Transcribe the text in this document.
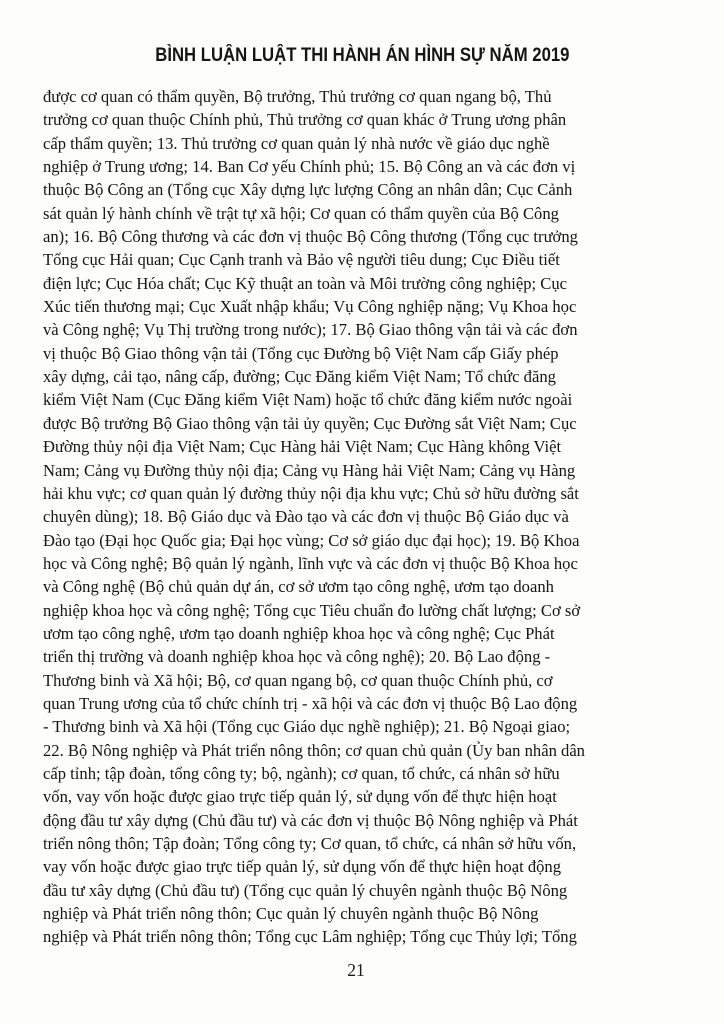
BÌNH LUẬN LUẬT THI HÀNH ÁN HÌNH SỰ NĂM 2019
được cơ quan có thẩm quyền, Bộ trưởng, Thủ trưởng cơ quan ngang bộ, Thủ
trưởng cơ quan thuộc Chính phủ, Thủ trưởng cơ quan khác ở Trung ương phân
cấp thẩm quyền; 13. Thủ trưởng cơ quan quản lý nhà nước về giáo dục nghề
nghiệp ở Trung ương; 14. Ban Cơ yếu Chính phủ; 15. Bộ Công an và các đơn vị
thuộc Bộ Công an (Tổng cục Xây dựng lực lượng Công an nhân dân; Cục Cảnh
sát quản lý hành chính về trật tự xã hội; Cơ quan có thẩm quyền của Bộ Công
an); 16. Bộ Công thương và các đơn vị thuộc Bộ Công thương (Tổng cục trưởng
Tổng cục Hải quan; Cục Cạnh tranh và Bảo vệ người tiêu dung; Cục Điều tiết
điện lực; Cục Hóa chất; Cục Kỹ thuật an toàn và Môi trường công nghiệp; Cục
Xúc tiến thương mại; Cục Xuất nhập khẩu; Vụ Công nghiệp nặng; Vụ Khoa học
và Công nghệ; Vụ Thị trường trong nước); 17. Bộ Giao thông vận tải và các đơn
vị thuộc Bộ Giao thông vận tải (Tổng cục Đường bộ Việt Nam cấp Giấy phép
xây dựng, cải tạo, nâng cấp, đường; Cục Đăng kiểm Việt Nam; Tổ chức đăng
kiểm Việt Nam (Cục Đăng kiểm Việt Nam) hoặc tổ chức đăng kiểm nước ngoài
được Bộ trưởng Bộ Giao thông vận tải ủy quyền; Cục Đường sắt Việt Nam; Cục
Đường thủy nội địa Việt Nam; Cục Hàng hải Việt Nam; Cục Hàng không Việt
Nam; Cảng vụ Đường thủy nội địa; Cảng vụ Hàng hải Việt Nam; Cảng vụ Hàng
hải khu vực; cơ quan quản lý đường thủy nội địa khu vực; Chủ sở hữu đường sắt
chuyên dùng); 18. Bộ Giáo dục và Đào tạo và các đơn vị thuộc Bộ Giáo dục và
Đào tạo (Đại học Quốc gia; Đại học vùng; Cơ sở giáo dục đại học); 19. Bộ Khoa
học và Công nghệ; Bộ quản lý ngành, lĩnh vực và các đơn vị thuộc Bộ Khoa học
và Công nghệ (Bộ chủ quản dự án, cơ sở ươm tạo công nghệ, ươm tạo doanh
nghiệp khoa học và công nghệ; Tổng cục Tiêu chuẩn đo lường chất lượng; Cơ sở
ươm tạo công nghệ, ươm tạo doanh nghiệp khoa học và công nghệ; Cục Phát
triển thị trường và doanh nghiệp khoa học và công nghệ); 20. Bộ Lao động -
Thương binh và Xã hội; Bộ, cơ quan ngang bộ, cơ quan thuộc Chính phủ, cơ
quan Trung ương của tổ chức chính trị - xã hội và các đơn vị thuộc Bộ Lao động
- Thương binh và Xã hội (Tổng cục Giáo dục nghề nghiệp); 21. Bộ Ngoại giao;
22. Bộ Nông nghiệp và Phát triển nông thôn; cơ quan chủ quản (Ủy ban nhân dân
cấp tỉnh; tập đoàn, tổng công ty; bộ, ngành); cơ quan, tổ chức, cá nhân sở hữu
vốn, vay vốn hoặc được giao trực tiếp quản lý, sử dụng vốn để thực hiện hoạt
động đầu tư xây dựng (Chủ đầu tư) và các đơn vị thuộc Bộ Nông nghiệp và Phát
triển nông thôn; Tập đoàn; Tổng công ty; Cơ quan, tổ chức, cá nhân sở hữu vốn,
vay vốn hoặc được giao trực tiếp quản lý, sử dụng vốn để thực hiện hoạt động
đầu tư xây dựng (Chủ đầu tư) (Tổng cục quản lý chuyên ngành thuộc Bộ Nông
nghiệp và Phát triển nông thôn; Cục quản lý chuyên ngành thuộc Bộ Nông
nghiệp và Phát triển nông thôn; Tổng cục Lâm nghiệp; Tổng cục Thủy lợi; Tổng
21
